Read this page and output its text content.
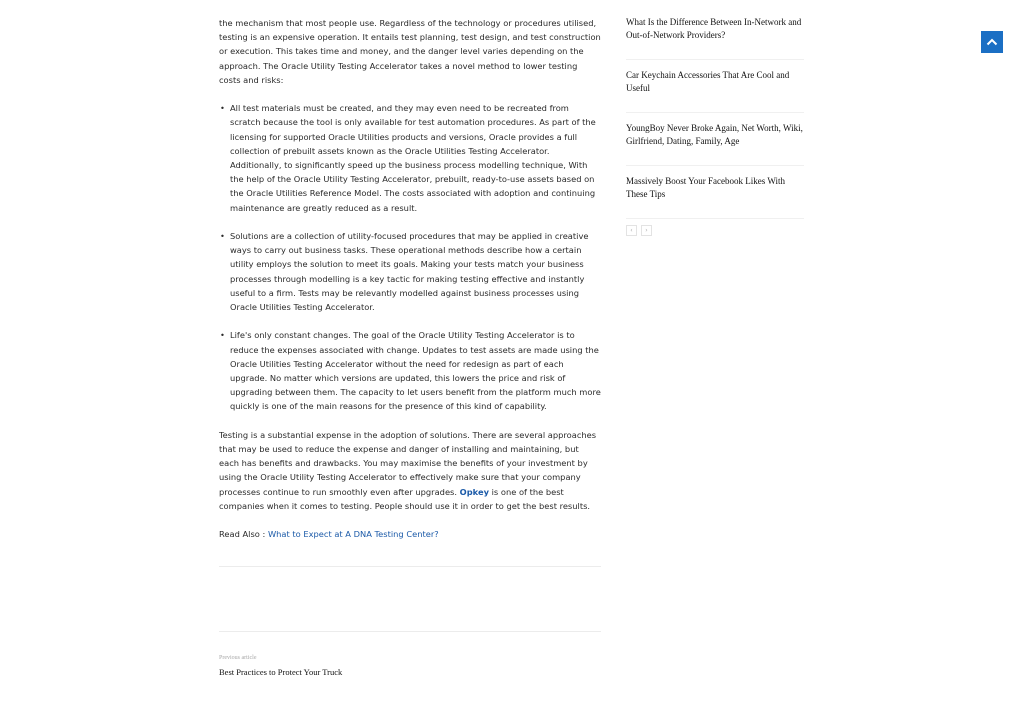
the mechanism that most people use. Regardless of the technology or procedures utilised, testing is an expensive operation. It entails test planning, test design, and test construction or execution. This takes time and money, and the danger level varies depending on the approach. The Oracle Utility Testing Accelerator takes a novel method to lower testing costs and risks:

• All test materials must be created, and they may even need to be recreated from scratch because the tool is only available for test automation procedures. As part of the licensing for supported Oracle Utilities products and versions, Oracle provides a full collection of prebuilt assets known as the Oracle Utilities Testing Accelerator. Additionally, to significantly speed up the business process modelling technique, With the help of the Oracle Utility Testing Accelerator, prebuilt, ready-to-use assets based on the Oracle Utilities Reference Model. The costs associated with adoption and continuing maintenance are greatly reduced as a result.
• Solutions are a collection of utility-focused procedures that may be applied in creative ways to carry out business tasks. These operational methods describe how a certain utility employs the solution to meet its goals. Making your tests match your business processes through modelling is a key tactic for making testing effective and instantly useful to a firm. Tests may be relevantly modelled against business processes using Oracle Utilities Testing Accelerator.
• Life's only constant changes. The goal of the Oracle Utility Testing Accelerator is to reduce the expenses associated with change. Updates to test assets are made using the Oracle Utilities Testing Accelerator without the need for redesign as part of each upgrade. No matter which versions are updated, this lowers the price and risk of upgrading between them. The capacity to let users benefit from the platform much more quickly is one of the main reasons for the presence of this kind of capability.

Testing is a substantial expense in the adoption of solutions. There are several approaches that may be used to reduce the expense and danger of installing and maintaining, but each has benefits and drawbacks. You may maximise the benefits of your investment by using the Oracle Utility Testing Accelerator to effectively make sure that your company processes continue to run smoothly even after upgrades. Opkey is one of the best companies when it comes to testing. People should use it in order to get the best results.

Read Also : What to Expect at A DNA Testing Center?

Previous article
Best Practices to Protect Your Truck
What Is the Difference Between In-Network and Out-of-Network Providers?
Car Keychain Accessories That Are Cool and Useful
YoungBoy Never Broke Again, Net Worth, Wiki, Girlfriend, Dating, Family, Age
Massively Boost Your Facebook Likes With These Tips
‹	›
